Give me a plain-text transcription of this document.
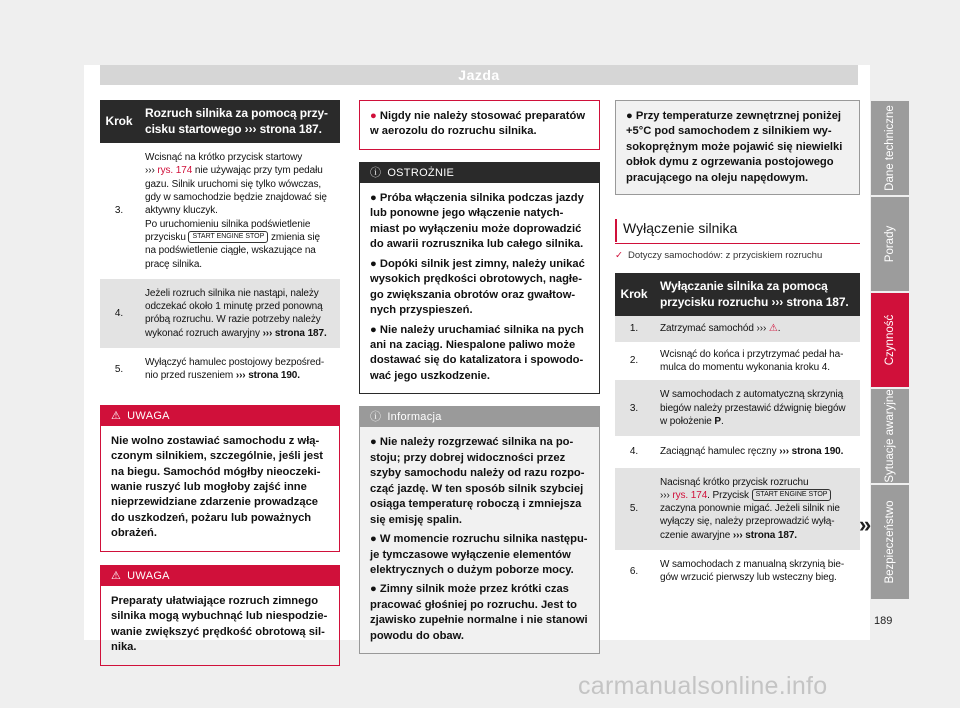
Jazda
Krok	Rozruch silnika za pomocą przy-cisku startowego ››› strona 187.
3.	Wcisnąć na krótko przycisk startowy
››› rys. 174 nie używając przy tym pedału gazu. Silnik uruchomi się tylko wówczas, gdy w samochodzie będzie znajdować się aktywny kluczyk.
Po uruchomieniu silnika podświetlenie przycisku START ENGINE STOP zmienia się na podświetlenie ciągłe, wskazujące na pracę silnika.
4.	Jeżeli rozruch silnika nie nastąpi, należy odczekać około 1 minutę przed ponowną próbą rozruchu. W razie potrzeby należy wykonać rozruch awaryjny ››› strona 187.
5.	Wyłączyć hamulec postojowy bezpośred-nio przed ruszeniem ››› strona 190.
⚠ UWAGA
Nie wolno zostawiać samochodu z włą-czonym silnikiem, szczególnie, jeśli jest na biegu. Samochód mógłby nieoczeki-wanie ruszyć lub mogłoby zajść inne nieprzewidziane zdarzenie prowadzące do uszkodzeń, pożaru lub poważnych obrażeń.
⚠ UWAGA
Preparaty ułatwiające rozruch zimnego silnika mogą wybuchnąć lub niespodzie-wanie zwiększyć prędkość obrotową sil-nika.
● Nigdy nie należy stosować preparatów w aerozolu do rozruchu silnika.
ⓘ OSTROŻNIE

● Próba włączenia silnika podczas jazdy lub ponowne jego włączenie natych-miast po wyłączeniu może doprowadzić do awarii rozrusznika lub całego silnika.

● Dopóki silnik jest zimny, należy unikać wysokich prędkości obrotowych, nagłe-go zwiększania obrotów oraz gwałtow-nych przyspieszeń.

● Nie należy uruchamiać silnika na pych ani na zaciąg. Niespalone paliwo może dostawać się do katalizatora i spowodo-wać jego uszkodzenie.

ⓘ Informacja

● Nie należy rozgrzewać silnika na po-stoju; przy dobrej widoczności przez szyby samochodu należy od razu rozpo-cząć jazdę. W ten sposób silnik szybciej osiąga temperaturę roboczą i zmniejsza się emisję spalin.

● W momencie rozruchu silnika następu-je tymczasowe wyłączenie elementów elektrycznych o dużym poborze mocy.

● Zimny silnik może przez krótki czas pracować głośniej po rozruchu. Jest to zjawisko zupełnie normalne i nie stanowi powodu do obaw.

● Przy temperaturze zewnętrznej poniżej +5°C pod samochodem z silnikiem wy-sokoprężnym może pojawić się niewielki obłok dymu z ogrzewania postojowego pracującego na oleju napędowym.

Wyłączenie silnika
✓ Dotyczy samochodów: z przyciskiem rozruchu
Krok	Wyłączanie silnika za pomocą przycisku rozruchu ››› strona 187.
1.	Zatrzymać samochód ››› ⚠.
2.	Wcisnąć do końca i przytrzymać pedał ha-mulca do momentu wykonania kroku 4.
3.	W samochodach z automatyczną skrzynią biegów należy przestawić dźwignię biegów w położenie P.
4.	Zaciągnąć hamulec ręczny ››› strona 190.
5.	Nacisnąć krótko przycisk rozruchu
››› rys. 174. Przycisk START ENGINE STOP zaczyna ponownie migać. Jeżeli silnik nie wyłączy się, należy przeprowadzić wyłą-czenie awaryjne ››› strona 187.
6.	W samochodach z manualną skrzynią bie-gów wrzucić pierwszy lub wsteczny bieg.
Dane techniczne
Porady
Czynność
Sytuacje awaryjne
Bezpieczeństwo
»
189
carmanualsonline.info
